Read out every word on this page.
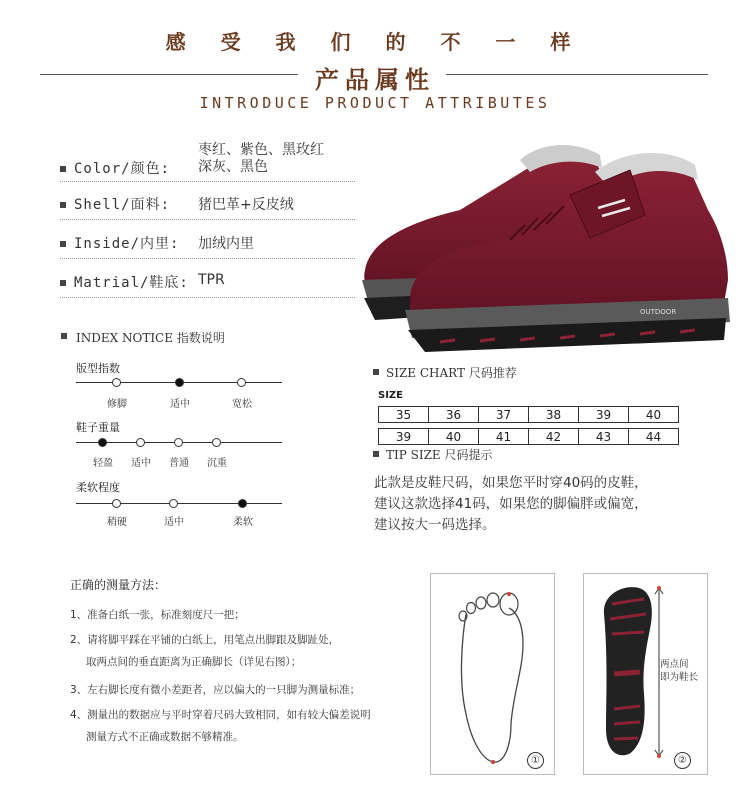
感 受 我 们 的 不 一 样
产品属性
INTRODUCE PRODUCT ATTRIBUTES
Color/颜色:
枣红、紫色、黑玫红
深灰、黑色
Shell/面料: 猪巴革+反皮绒
Inside/内里: 加绒内里
Matrial/鞋底: TPR
OUTDOOR
INDEX NOTICE 指数说明
版型指数
修脚	适中	宽松
鞋子重量
轻盈	适中	普通	沉重
柔软程度
稍硬	适中	柔软
SIZE CHART 尺码推荐
SIZE
35	36	37	38	39	40
39	40	41	42	43	44
TIP SIZE 尺码提示
此款是皮鞋尺码，如果您平时穿40码的皮鞋，
建议这款选择41码，如果您的脚偏胖或偏宽，
建议按大一码选择。
正确的测量方法：
1、准备白纸一张，标准刻度尺一把；
2、请将脚平踩在平铺的白纸上，用笔点出脚跟及脚趾处，
取两点间的垂直距离为正确脚长（详见右图）；
3、左右脚长度有微小差距者，应以偏大的一只脚为测量标准；
4、测量出的数据应与平时穿着尺码大致相同，如有较大偏差说明
测量方式不正确或数据不够精准。
①
两点间
即为鞋长
②
